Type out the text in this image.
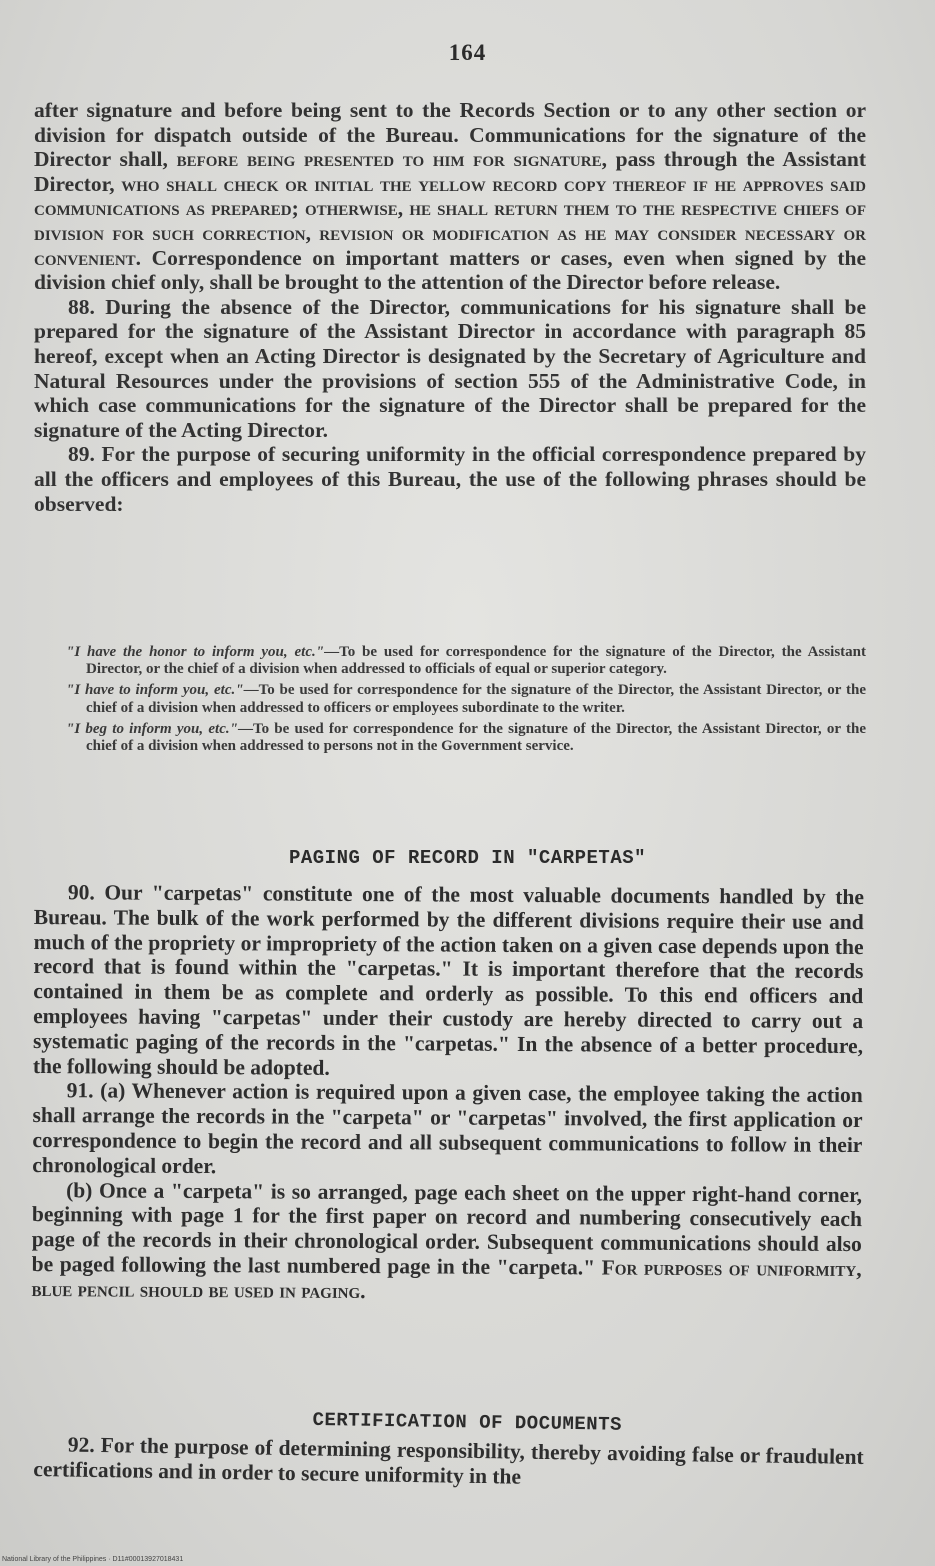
164

after signature and before being sent to the Records Section or to any other section or division for dispatch outside of the Bureau. Communications for the signature of the Director shall, before being presented to him for signature, pass through the Assistant Director, who shall check or initial the yellow record copy thereof if he approves said communications as prepared; otherwise, he shall return them to the respective chiefs of division for such correction, revision or modification as he may consider necessary or convenient. Correspondence on important matters or cases, even when signed by the division chief only, shall be brought to the attention of the Director before release.

88. During the absence of the Director, communications for his signature shall be prepared for the signature of the Assistant Director in accordance with paragraph 85 hereof, except when an Acting Director is designated by the Secretary of Agriculture and Natural Resources under the provisions of section 555 of the Administrative Code, in which case communications for the signature of the Director shall be prepared for the signature of the Acting Director.

89. For the purpose of securing uniformity in the official correspondence prepared by all the officers and employees of this Bureau, the use of the following phrases should be observed:

"I have the honor to inform you, etc."—To be used for correspondence for the signature of the Director, the Assistant Director, or the chief of a division when addressed to officials of equal or superior category.

"I have to inform you, etc."—To be used for correspondence for the signature of the Director, the Assistant Director, or the chief of a division when addressed to officers or employees subordinate to the writer.

"I beg to inform you, etc."—To be used for correspondence for the signature of the Director, the Assistant Director, or the chief of a division when addressed to persons not in the Government service.

PAGING OF RECORD IN "CARPETAS"

90. Our "carpetas" constitute one of the most valuable documents handled by the Bureau. The bulk of the work performed by the different divisions require their use and much of the propriety or impropriety of the action taken on a given case depends upon the record that is found within the "carpetas." It is important therefore that the records contained in them be as complete and orderly as possible. To this end officers and employees having "carpetas" under their custody are hereby directed to carry out a systematic paging of the records in the "carpetas." In the absence of a better procedure, the following should be adopted.

91. (a) Whenever action is required upon a given case, the employee taking the action shall arrange the records in the "carpeta" or "carpetas" involved, the first application or correspondence to begin the record and all subsequent communications to follow in their chronological order.

(b) Once a "carpeta" is so arranged, page each sheet on the upper right-hand corner, beginning with page 1 for the first paper on record and numbering consecutively each page of the records in their chronological order. Subsequent communications should also be paged following the last numbered page in the "carpeta." For purposes of uniformity, blue pencil should be used in paging.

CERTIFICATION OF DOCUMENTS

92. For the purpose of determining responsibility, thereby avoiding false or fraudulent certifications and in order to secure uniformity in the

National Library of the Philippines · D11#00013927018431
